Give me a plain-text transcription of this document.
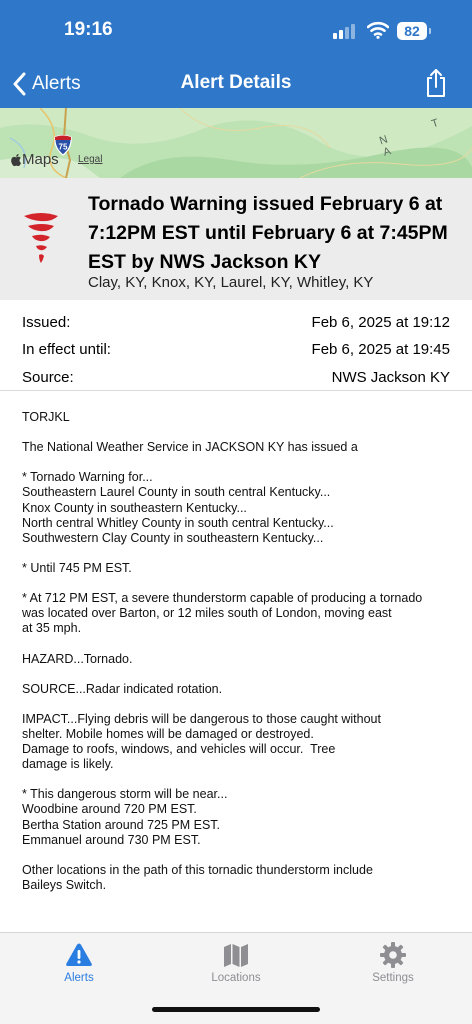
19:16	82
Alerts	Alert Details
75	N T A
Maps Legal
Tornado Warning issued February 6 at 7:12PM EST until February 6 at 7:45PM EST by NWS Jackson KY
Clay, KY, Knox, KY, Laurel, KY, Whitley, KY
Issued:	Feb 6, 2025 at 19:12
In effect until:	Feb 6, 2025 at 19:45
Source:	NWS Jackson KY
TORJKL

The National Weather Service in JACKSON KY has issued a

* Tornado Warning for...
Southeastern Laurel County in south central Kentucky...
Knox County in southeastern Kentucky...
North central Whitley County in south central Kentucky...
Southwestern Clay County in southeastern Kentucky...

* Until 745 PM EST.

* At 712 PM EST, a severe thunderstorm capable of producing a tornado
was located over Barton, or 12 miles south of London, moving east
at 35 mph.

HAZARD...Tornado.

SOURCE...Radar indicated rotation.

IMPACT...Flying debris will be dangerous to those caught without
shelter. Mobile homes will be damaged or destroyed.
Damage to roofs, windows, and vehicles will occur.  Tree
damage is likely.

* This dangerous storm will be near...
Woodbine around 720 PM EST.
Bertha Station around 725 PM EST.
Emmanuel around 730 PM EST.

Other locations in the path of this tornadic thunderstorm include
Baileys Switch.
Alerts	Locations	Settings
